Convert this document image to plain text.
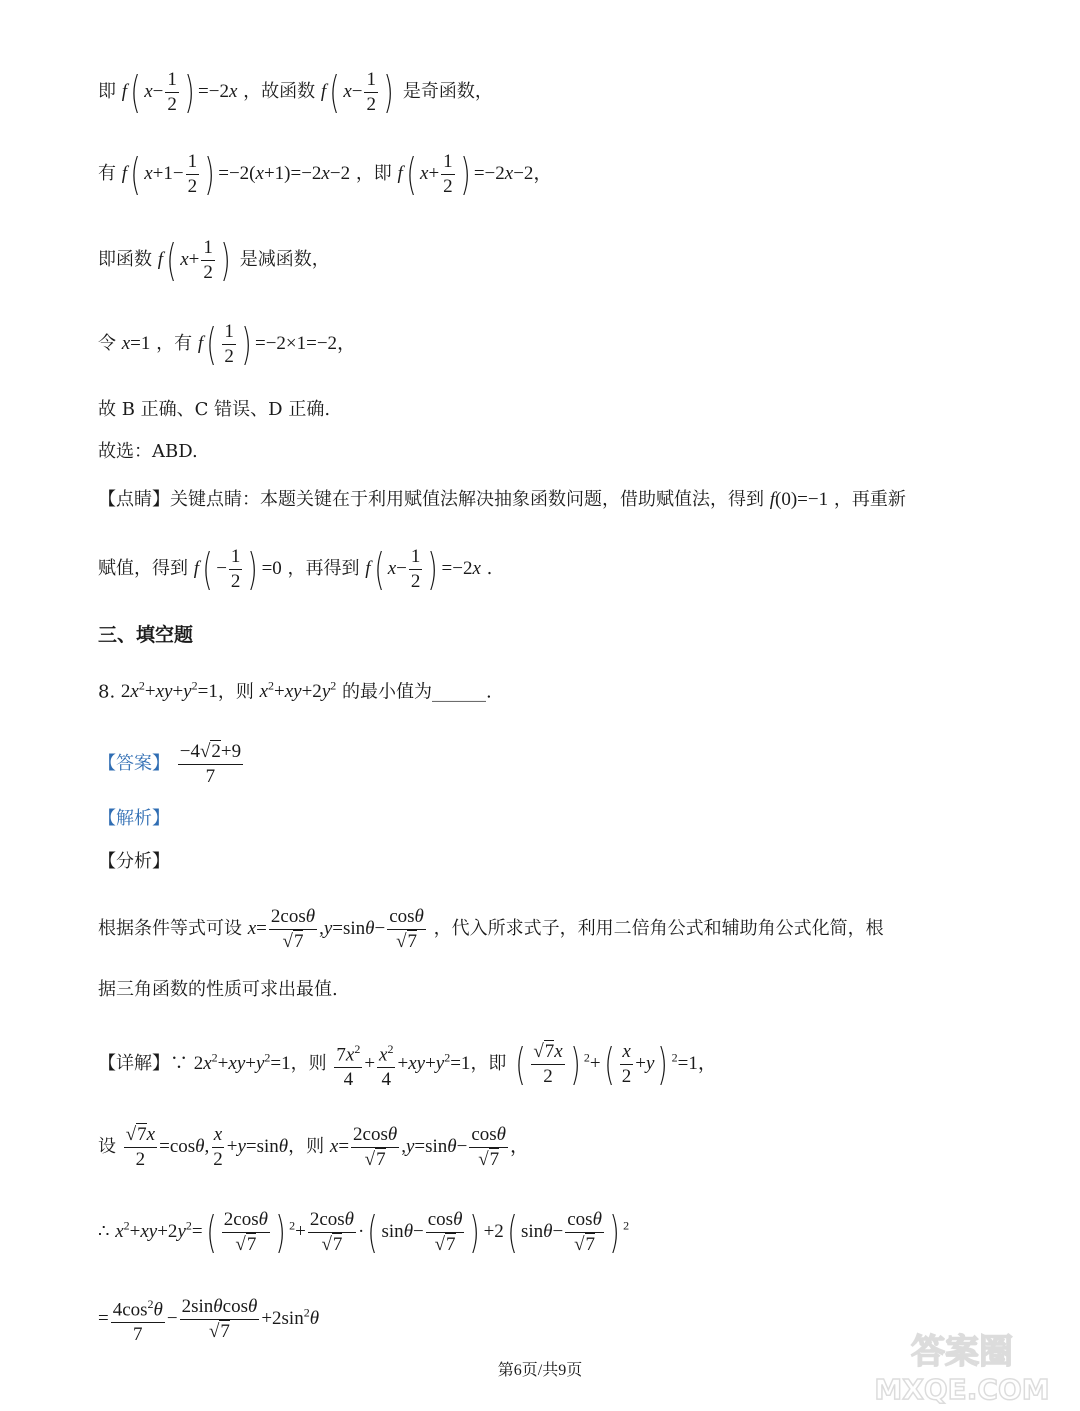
即 f( $x- \frac{1}{2}$ ) =−2x ，故函数 f( $x- \frac{1}{2}$ ) 是奇函数，
有 f( $x+1- \frac{1}{2}$ ) =−2(x+1)=−2x−2 ，即 f( $x+ \frac{1}{2}$ ) =−2x−2，
即函数 f( $x+ \frac{1}{2}$ ) 是减函数，
令 x=1 ，有 $f( \frac{1}{2}$ ) =−2×1=−2，
故 B 正确、C 错误、D 正确.
故选：ABD.
【点睛】关键点睛：本题关键在于利用赋值法解决抽象函数问题，借助赋值法，得到 f(0)=−1 ，再重新
赋值，得到 $f( - \frac{1}{2}$ ) =0 ，再得到 f( $x- \frac{1}{2}$ ) =−2x .
三、填空题
8. $2x^2+xy+y^2=1$，则 $x^2+xy+2y^2$ 的最小值为______.
【答案】 $\frac{-4√2+9}{7}$
【解析】
【分析】
根据条件等式可设 $x= \frac{2\cos\theta}{√7} ,y=\sin\theta- \frac{\cos\theta}{√7}$ ，代入所求式子，利用二倍角公式和辅助角公式化简，根
据三角函数的性质可求出最值.
【详解】∵ $2x^2+xy+y^2=1$，则 $\frac{7x^2}{4} + \frac{x^2}{4} +xy+y^2=1$，即 ( $\frac{√7x}{2}$ ) $^2+( \frac{x}{2} +y)$ $^2$=1，
设 $\frac{√7x}{2} =\cos\theta$, $\frac{x}{2} +y=\sin\theta$，则 $x= \frac{2\cos\theta}{√7} ,y=\sin\theta- \frac{\cos\theta}{√7}$ ，
∴ $x^2+xy+2y^2=( \frac{2\cos\theta}{√7}$ ) $^2+ \frac{2\cos\theta}{√7}$ ·( $\sin\theta- \frac{\cos\theta}{√7}$ ) +2( $\sin\theta- \frac{\cos\theta}{√7}$ ) $^2$
= $\frac{4\cos^2\theta}{7} - \frac{2\sin\theta\cos\theta}{√7} +2\sin^2\theta$
第6页/共9页	答案圈
MXQE.COM
